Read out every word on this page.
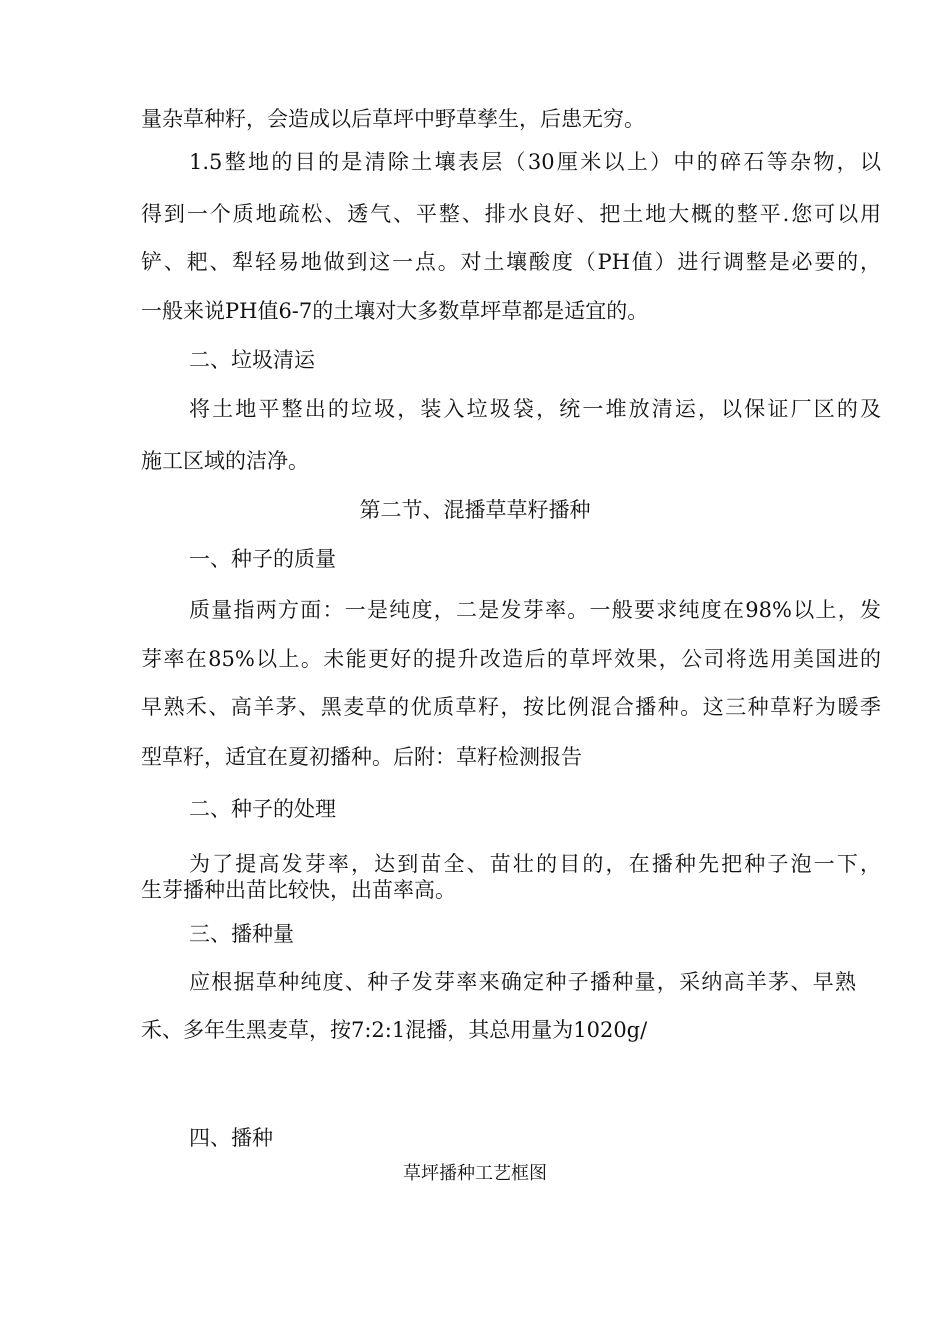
量杂草种籽，会造成以后草坪中野草孳生，后患无穷。
1.5整地的目的是清除土壤表层（30厘米以上）中的碎石等杂物，以
得到一个质地疏松、透气、平整、排水良好、把土地大概的整平.您可以用
铲、耙、犁轻易地做到这一点。对土壤酸度（PH值）进行调整是必要的，
一般来说PH值6-7的土壤对大多数草坪草都是适宜的。
二、垃圾清运
将土地平整出的垃圾，装入垃圾袋，统一堆放清运，以保证厂区的及
施工区域的洁净。
第二节、混播草草籽播种
一、种子的质量
质量指两方面：一是纯度，二是发芽率。一般要求纯度在98%以上，发
芽率在85%以上。未能更好的提升改造后的草坪效果，公司将选用美国进的
早熟禾、高羊茅、黑麦草的优质草籽，按比例混合播种。这三种草籽为暖季
型草籽，适宜在夏初播种。后附：草籽检测报告
二、种子的处理
为了提高发芽率，达到苗全、苗壮的目的，在播种先把种子泡一下，
生芽播种出苗比较快，出苗率高。
三、播种量
应根据草种纯度、种子发芽率来确定种子播种量，采纳高羊茅、早熟
禾、多年生黑麦草，按7:2:1混播，其总用量为1020g/
四、播种
草坪播种工艺框图
